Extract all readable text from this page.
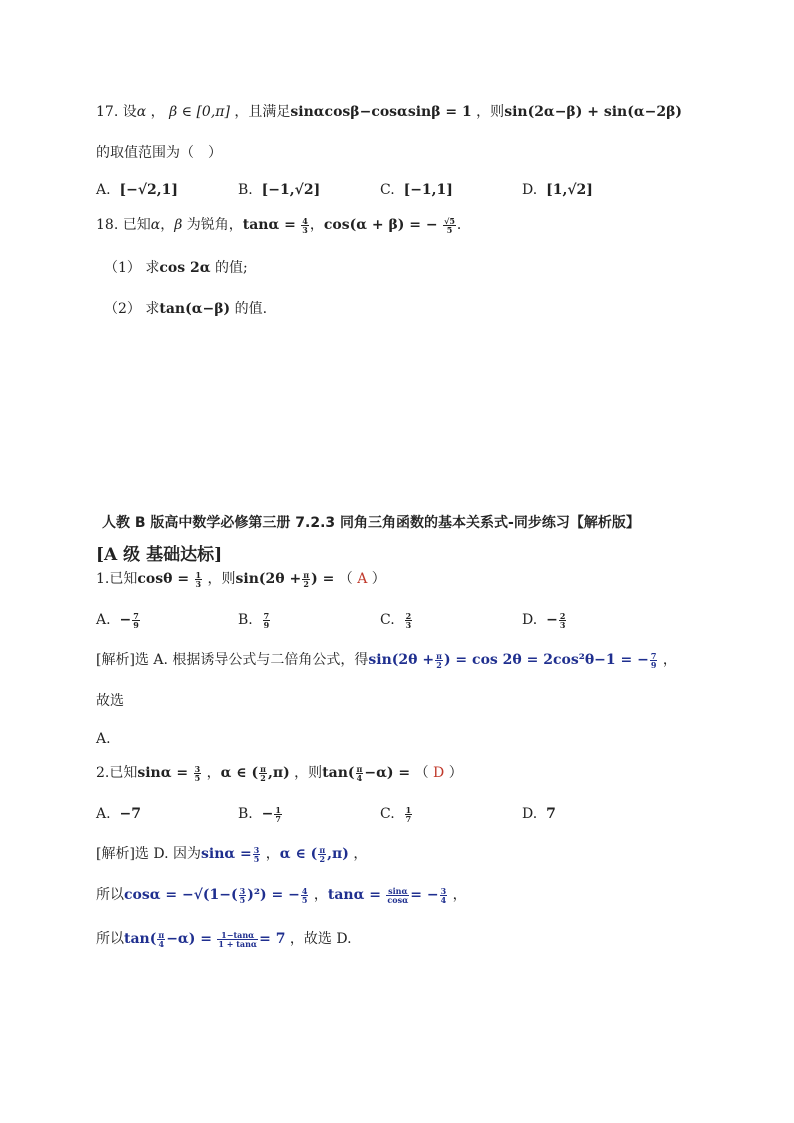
17. 设α ， β ∈ [0,π] ，且满足sinαcosβ−cosαsinβ = 1 ，则sin(2α−β) + sin(α−2β)
的取值范围为（　）
A. [−√2,1]	B. [−1,√2]	C. [−1,1]	D. [1,√2]
18. 已知α，β 为锐角，$\tan\alpha = \frac{4}{3}$ ，cos(α + β) = − $\frac{√5}{5}$ ．
（1） 求cos 2α 的值;
（2） 求tan(α−β) 的值.
人教 B 版高中数学必修第三册 7.2.3 同角三角函数的基本关系式-同步练习【解析版】
[A 级 基础达标]
1.已知$\cos\theta = \frac{1}{3}$ ，则$\sin(2\theta + \frac{\pi}{2}$ ) = （ A ）
A. − $\frac{7}{9}$	B. $\frac{7}{9}$	C. $\frac{2}{3}$	D. − $\frac{2}{3}$
[解析]选 A. 根据诱导公式与二倍角公式，得$\sin(2\theta + \frac{\pi}{2}$ ) = cos 2θ = 2cos²θ−1 = − $\frac{7}{9}$ ，
故选
A.
2.已知$\sin\alpha = \frac{3}{5}$ ，α ∈ ( $\frac{\pi}{2} ,\pi$) ，则$\tan( \frac{\pi}{4} -\alpha)$ = （ D ）
A. −7	B. − $\frac{1}{7}$	C. $\frac{1}{7}$	D. 7
[解析]选 D. 因为$\sin\alpha = \frac{3}{5}$ ，α ∈ ( $\frac{\pi}{2} ,\pi$) ，
所以$\cos\alpha = -√(1-( \frac{3}{5} )^2)$ = − $\frac{4}{5}$ ，$\tan\alpha = \frac{\sin\alpha}{\cos\alpha}$ = − $\frac{3}{4}$ ，
所以$\tan( \frac{\pi}{4} -\alpha) = \frac{1-\tan\alpha}{1 + \tan\alpha} = 7$ ，故选 D.
